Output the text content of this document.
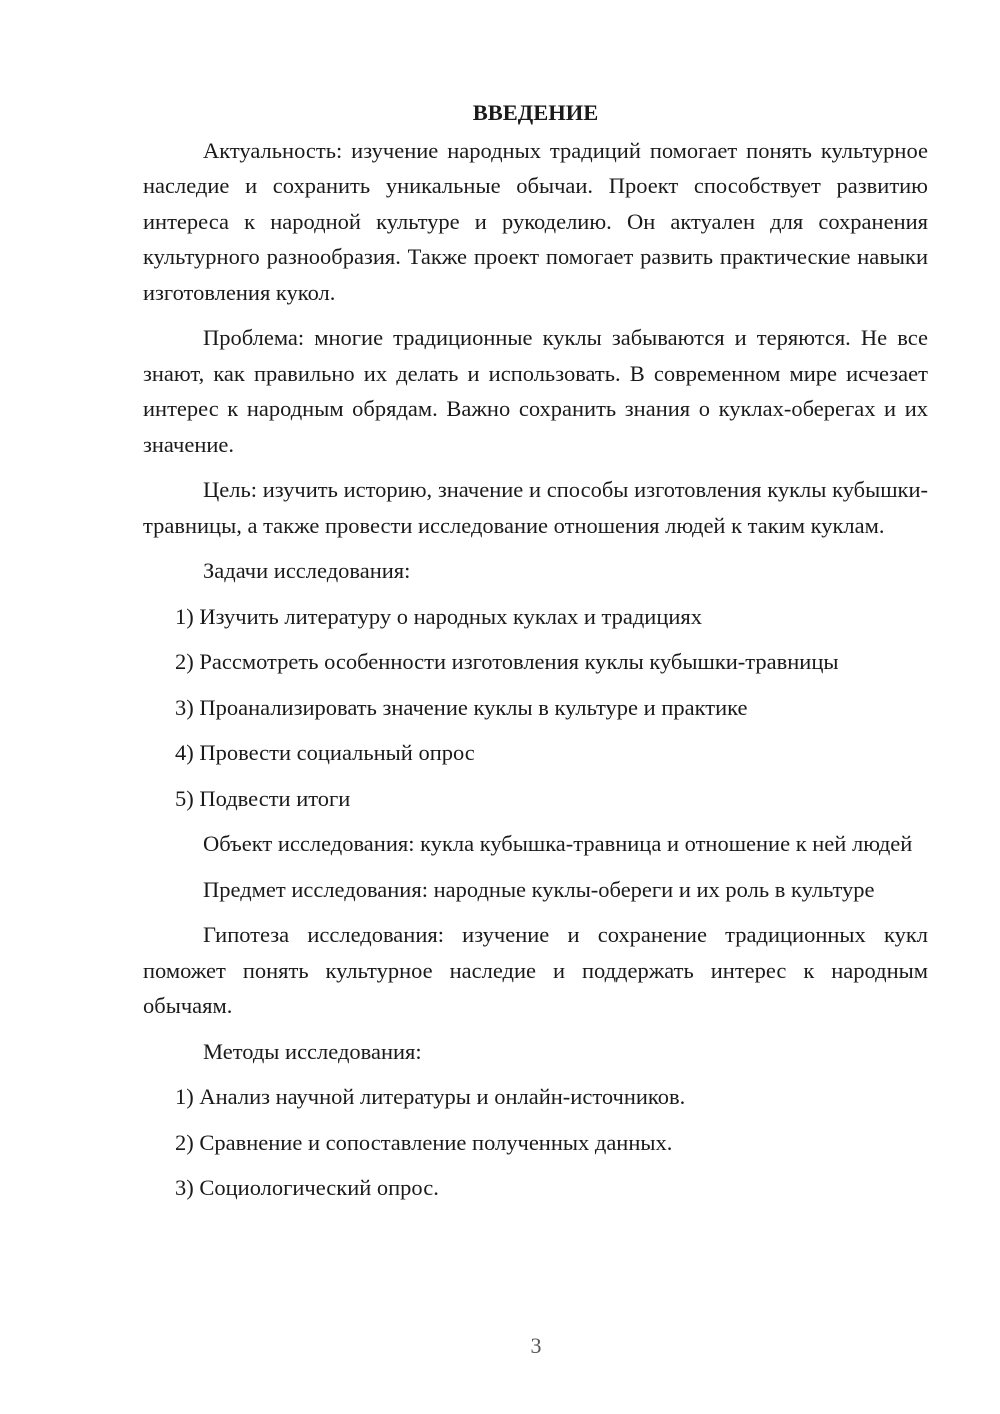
ВВЕДЕНИЕ

Актуальность: изучение народных традиций помогает понять культурное наследие и сохранить уникальные обычаи. Проект способствует развитию интереса к народной культуре и рукоделию. Он актуален для сохранения культурного разнообразия. Также проект помогает развить практические навыки изготовления кукол.

Проблема: многие традиционные куклы забываются и теряются. Не все знают, как правильно их делать и использовать. В современном мире исчезает интерес к народным обрядам. Важно сохранить знания о куклах-оберегах и их значение.

Цель: изучить историю, значение и способы изготовления куклы кубышки-травницы, а также провести исследование отношения людей к таким куклам.

Задачи исследования:

1) Изучить литературу о народных куклах и традициях

2) Рассмотреть особенности изготовления куклы кубышки-травницы

3) Проанализировать значение куклы в культуре и практике

4) Провести социальный опрос

5) Подвести итоги

Объект исследования: кукла кубышка-травница и отношение к ней людей

Предмет исследования: народные куклы-обереги и их роль в культуре

Гипотеза исследования: изучение и сохранение традиционных кукл поможет понять культурное наследие и поддержать интерес к народным обычаям.

Методы исследования:

1) Анализ научной литературы и онлайн-источников.

2) Сравнение и сопоставление полученных данных.

3) Социологический опрос.

3
